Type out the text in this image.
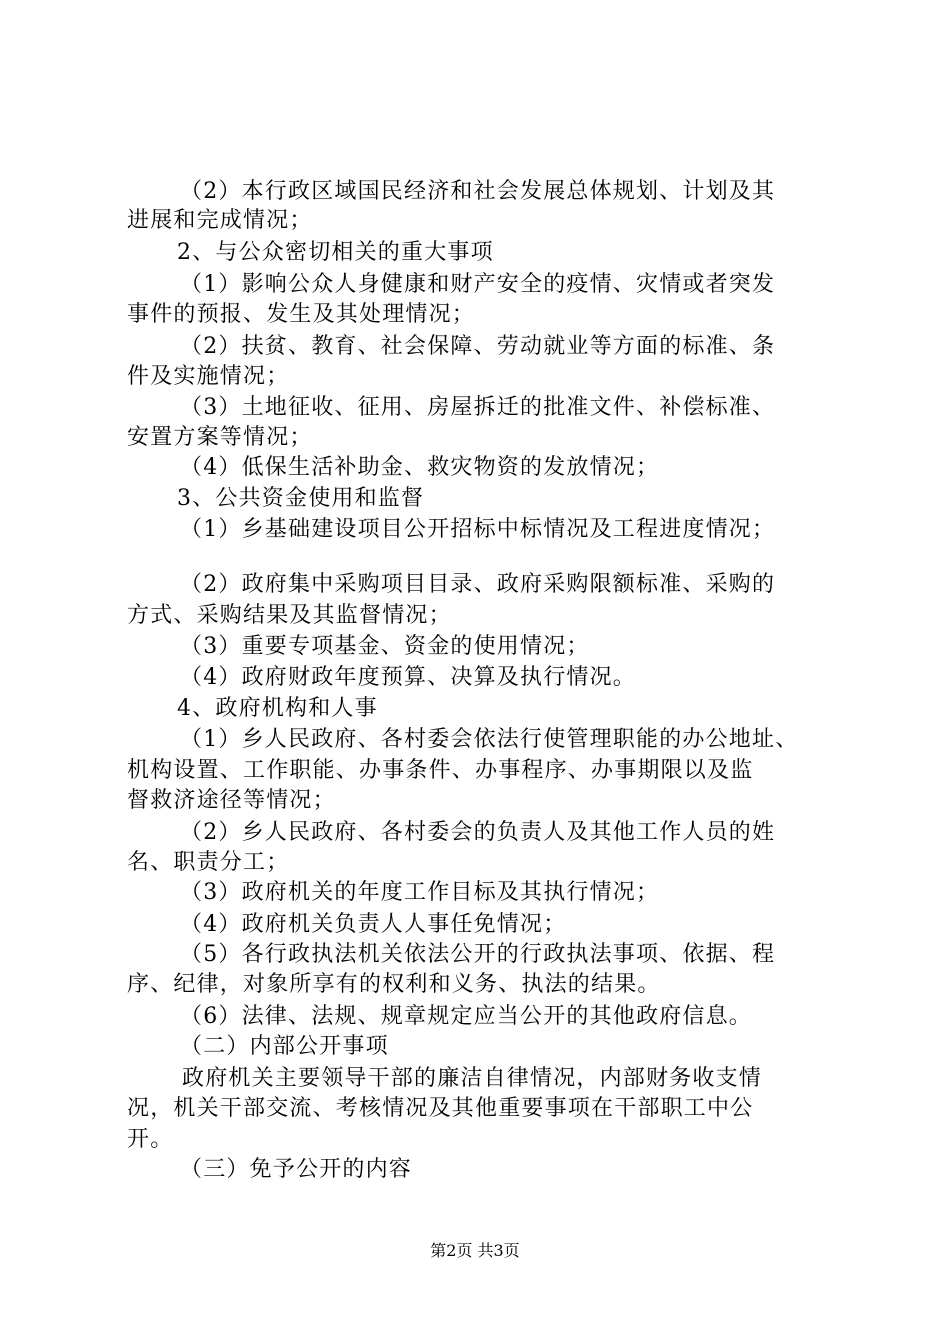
（2）本行政区域国民经济和社会发展总体规划、计划及其
进展和完成情况；
2、与公众密切相关的重大事项
（1）影响公众人身健康和财产安全的疫情、灾情或者突发
事件的预报、发生及其处理情况；
（2）扶贫、教育、社会保障、劳动就业等方面的标准、条
件及实施情况；
（3）土地征收、征用、房屋拆迁的批准文件、补偿标准、
安置方案等情况；
（4）低保生活补助金、救灾物资的发放情况；
3、公共资金使用和监督
（1）乡基础建设项目公开招标中标情况及工程进度情况；
（2）政府集中采购项目目录、政府采购限额标准、采购的
方式、采购结果及其监督情况；
（3）重要专项基金、资金的使用情况；
（4）政府财政年度预算、决算及执行情况。
4、政府机构和人事
（1）乡人民政府、各村委会依法行使管理职能的办公地址、
机构设置、工作职能、办事条件、办事程序、办事期限以及监
督救济途径等情况；
（2）乡人民政府、各村委会的负责人及其他工作人员的姓
名、职责分工；
（3）政府机关的年度工作目标及其执行情况；
（4）政府机关负责人人事任免情况；
（5）各行政执法机关依法公开的行政执法事项、依据、程
序、纪律，对象所享有的权利和义务、执法的结果。
（6）法律、法规、规章规定应当公开的其他政府信息。
（二）内部公开事项
政府机关主要领导干部的廉洁自律情况，内部财务收支情
况，机关干部交流、考核情况及其他重要事项在干部职工中公
开。
（三）免予公开的内容
第2页 共3页
